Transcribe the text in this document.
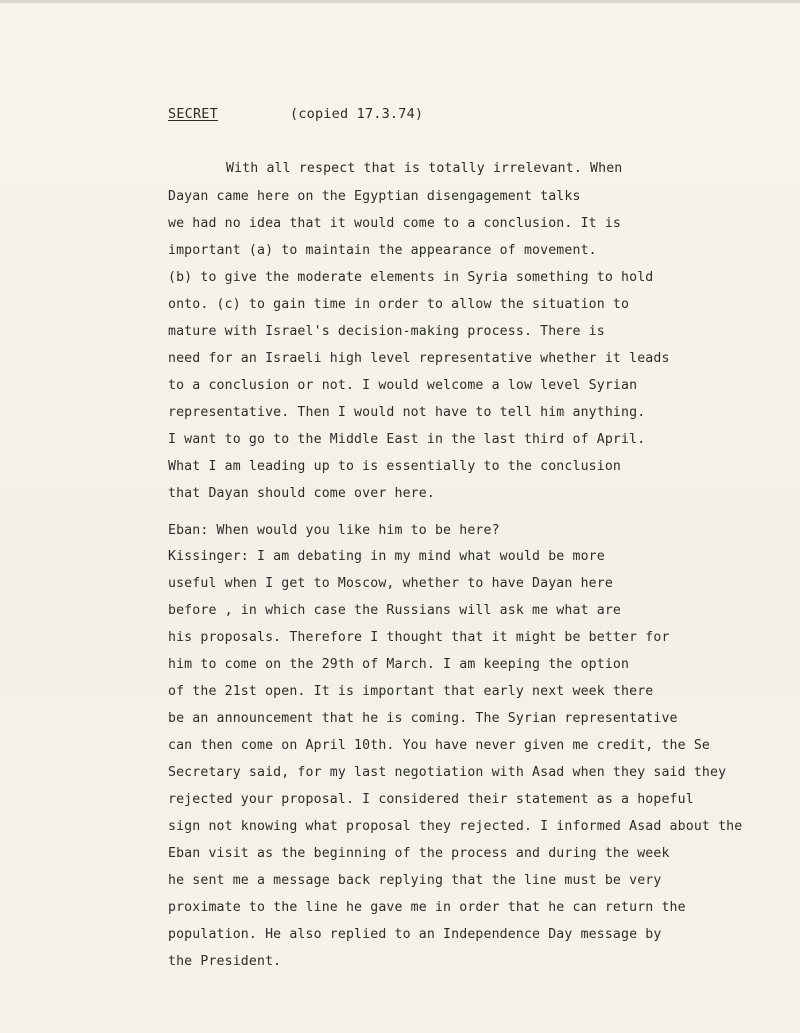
SECRET	(copied 17.3.74)
With all respect that is totally irrelevant. When
Dayan came here on the Egyptian disengagement talks
we had no idea that it would come to a conclusion. It is
important (a) to maintain the appearance of movement.
(b) to give the moderate elements in Syria something to hold
onto. (c) to gain time in order to allow the situation to
mature with Israel's decision-making process. There is
need for an Israeli high level representative whether it leads
to a conclusion or not. I would welcome a low level Syrian
representative. Then I would not have to tell him anything.
I want to go to the Middle East in the last third of April.
What I am leading up to is essentially to the conclusion
that Dayan should come over here.
Eban: When would you like him to be here?
Kissinger: I am debating in my mind what would be more
useful when I get to Moscow, whether to have Dayan here
before , in which case the Russians will ask me what are
his proposals. Therefore I thought that it might be better for
him to come on the 29th of March. I am keeping the option
of the 21st open. It is important that early next week there
be an announcement that he is coming. The Syrian representative
can then come on April 10th. You have never given me credit, the Se
Secretary said, for my last negotiation with Asad when they said they
rejected your proposal. I considered their statement as a hopeful
sign not knowing what proposal they rejected. I informed Asad about the
Eban visit as the beginning of the process and during the week
he sent me a message back replying that the line must be very
proximate to the line he gave me in order that he can return the
population. He also replied to an Independence Day message by
the President.
